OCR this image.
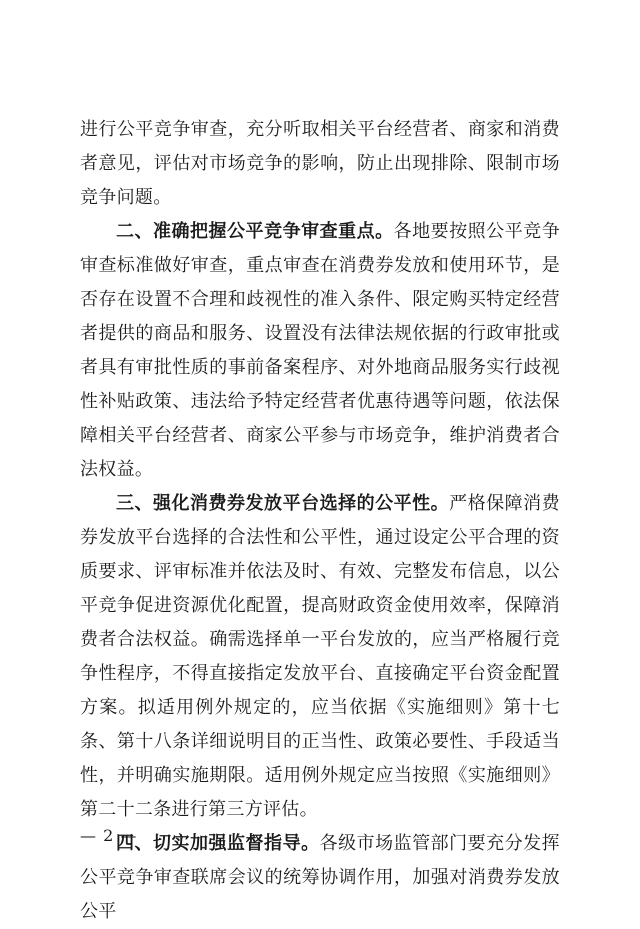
进行公平竞争审查，充分听取相关平台经营者、商家和消费者意见，评估对市场竞争的影响，防止出现排除、限制市场竞争问题。

二、准确把握公平竞争审查重点。各地要按照公平竞争审查标准做好审查，重点审查在消费券发放和使用环节，是否存在设置不合理和歧视性的准入条件、限定购买特定经营者提供的商品和服务、设置没有法律法规依据的行政审批或者具有审批性质的事前备案程序、对外地商品服务实行歧视性补贴政策、违法给予特定经营者优惠待遇等问题，依法保障相关平台经营者、商家公平参与市场竞争，维护消费者合法权益。

三、强化消费券发放平台选择的公平性。严格保障消费券发放平台选择的合法性和公平性，通过设定公平合理的资质要求、评审标准并依法及时、有效、完整发布信息，以公平竞争促进资源优化配置，提高财政资金使用效率，保障消费者合法权益。确需选择单一平台发放的，应当严格履行竞争性程序，不得直接指定发放平台、直接确定平台资金配置方案。拟适用例外规定的，应当依据《实施细则》第十七条、第十八条详细说明目的正当性、政策必要性、手段适当性，并明确实施期限。适用例外规定应当按照《实施细则》第二十二条进行第三方评估。

四、切实加强监督指导。各级市场监管部门要充分发挥公平竞争审查联席会议的统筹协调作用，加强对消费券发放公平

— 2 —
